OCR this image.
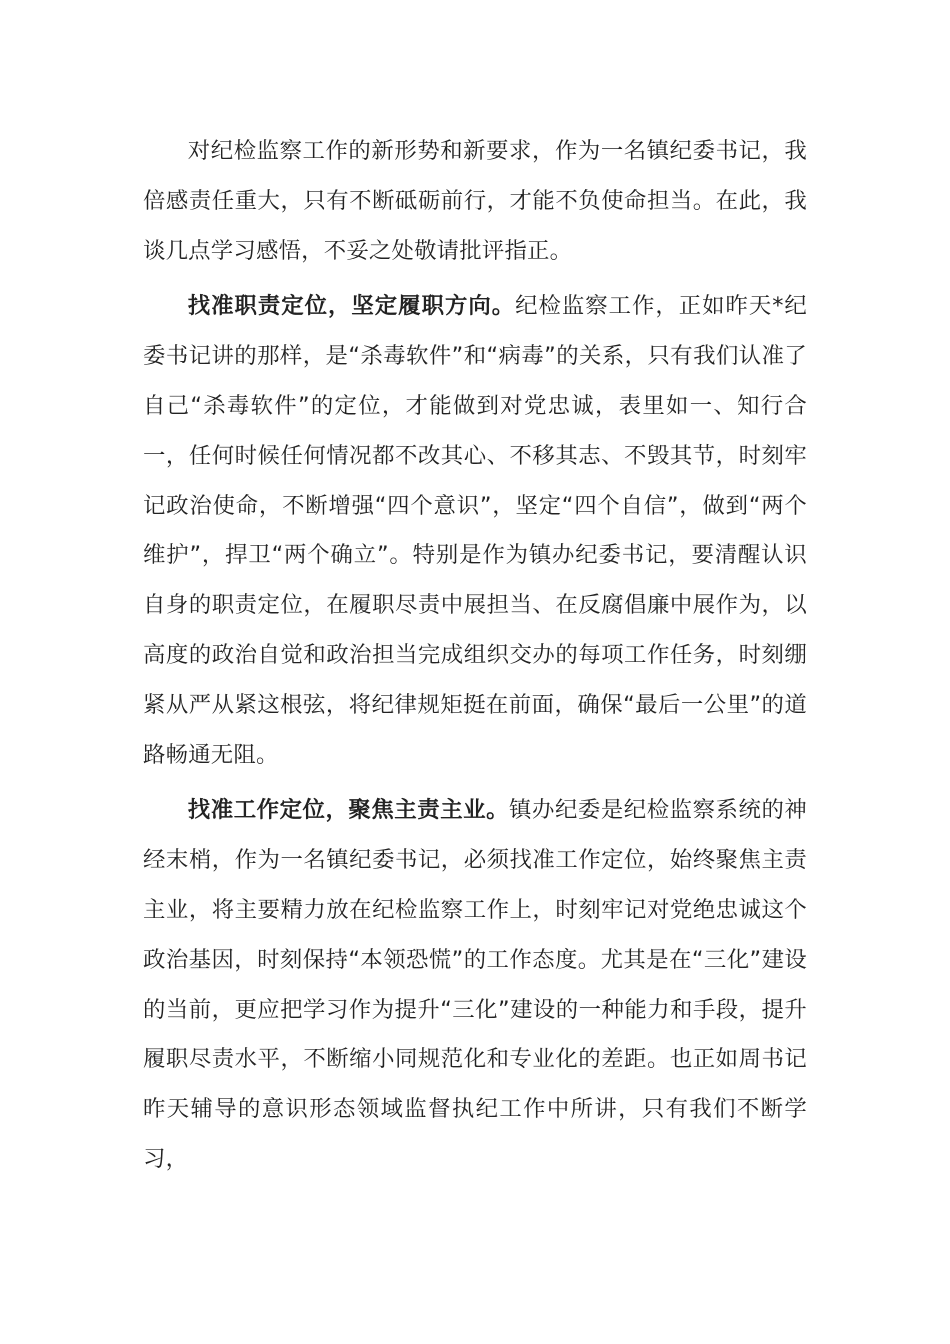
对纪检监察工作的新形势和新要求，作为一名镇纪委书记，我倍感责任重大，只有不断砥砺前行，才能不负使命担当。在此，我谈几点学习感悟，不妥之处敬请批评指正。

找准职责定位，坚定履职方向。纪检监察工作，正如昨天*纪委书记讲的那样，是“杀毒软件”和“病毒”的关系，只有我们认准了自己“杀毒软件”的定位，才能做到对党忠诚，表里如一、知行合一，任何时候任何情况都不改其心、不移其志、不毁其节，时刻牢记政治使命，不断增强“四个意识”，坚定“四个自信”，做到“两个维护”，捍卫“两个确立”。特别是作为镇办纪委书记，要清醒认识自身的职责定位，在履职尽责中展担当、在反腐倡廉中展作为，以高度的政治自觉和政治担当完成组织交办的每项工作任务，时刻绷紧从严从紧这根弦，将纪律规矩挺在前面，确保“最后一公里”的道路畅通无阻。

找准工作定位，聚焦主责主业。镇办纪委是纪检监察系统的神经末梢，作为一名镇纪委书记，必须找准工作定位，始终聚焦主责主业，将主要精力放在纪检监察工作上，时刻牢记对党绝忠诚这个政治基因，时刻保持“本领恐慌”的工作态度。尤其是在“三化”建设的当前，更应把学习作为提升“三化”建设的一种能力和手段，提升履职尽责水平，不断缩小同规范化和专业化的差距。也正如周书记昨天辅导的意识形态领域监督执纪工作中所讲，只有我们不断学习，
